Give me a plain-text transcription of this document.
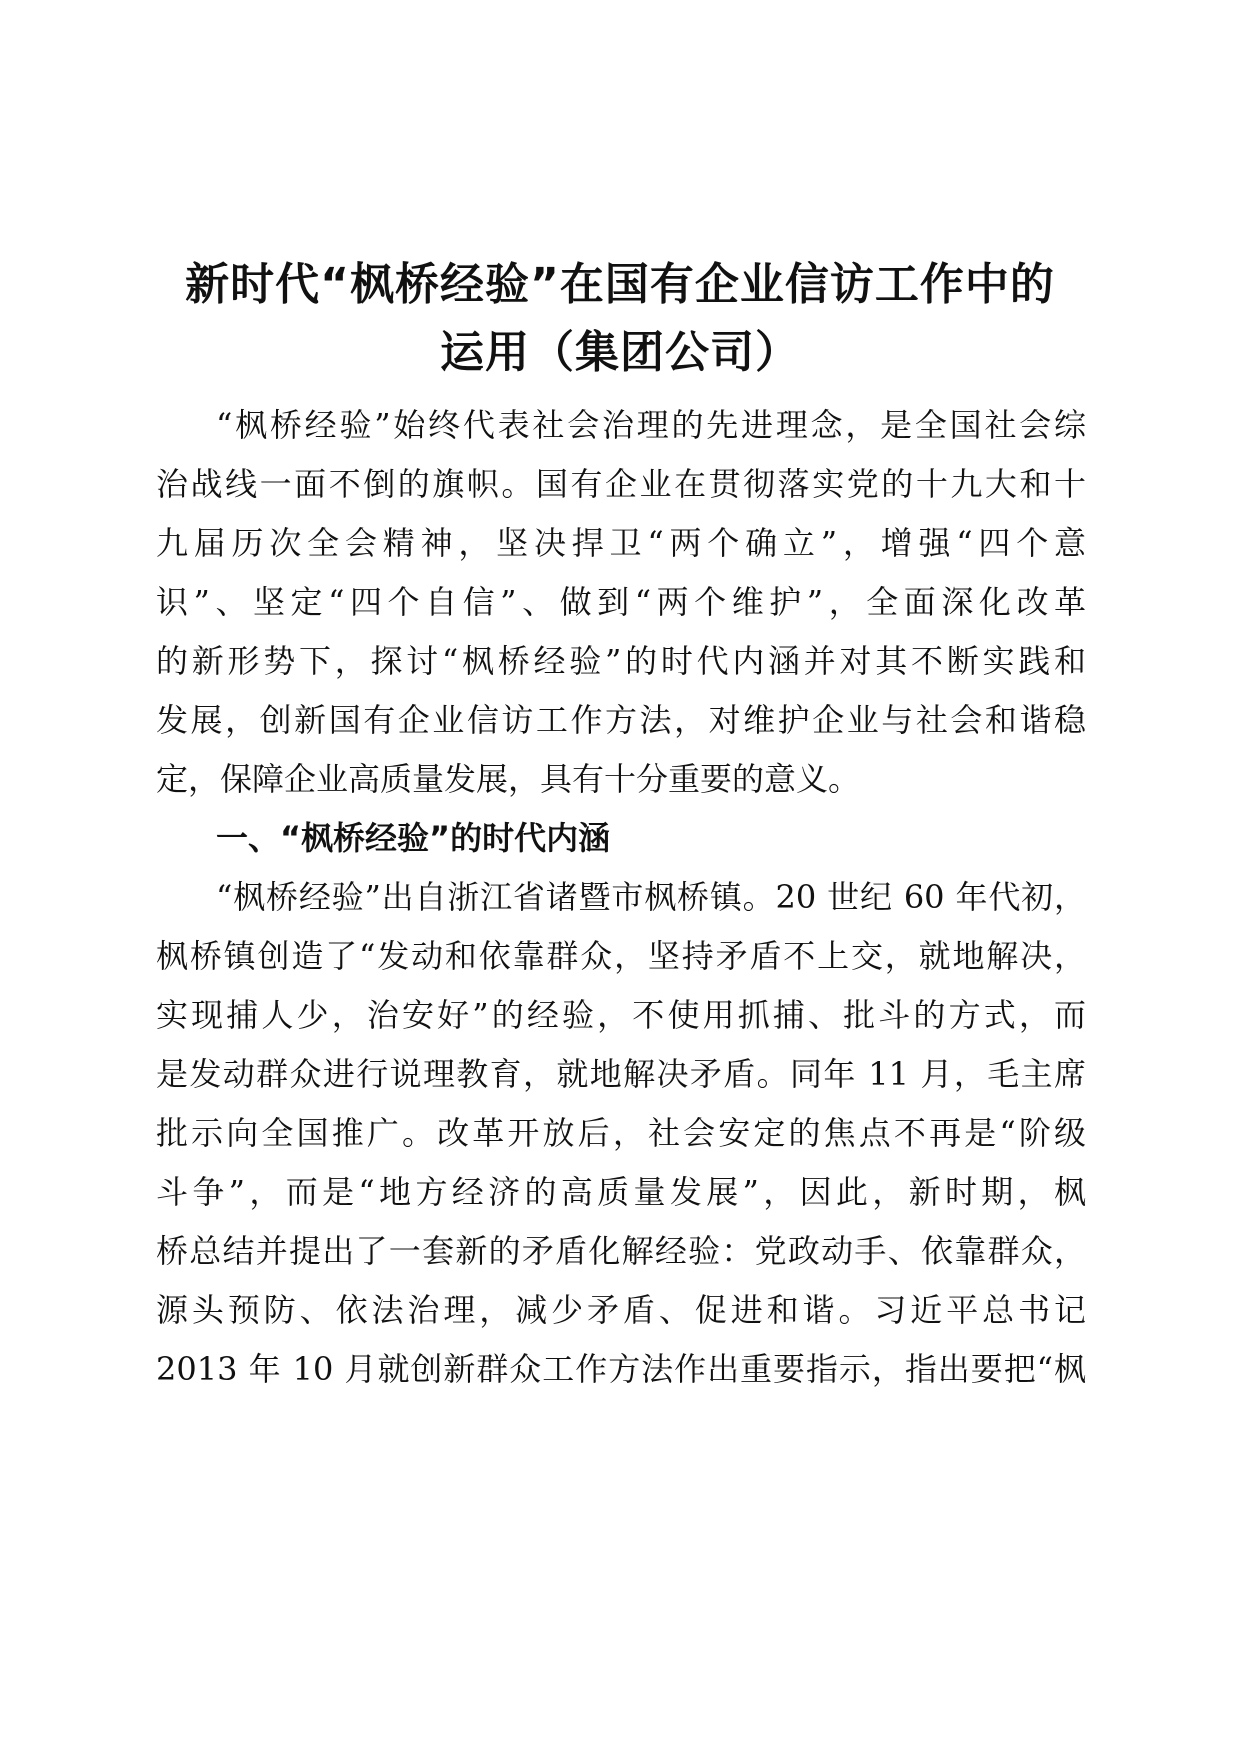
新时代“枫桥经验”在国有企业信访工作中的
运用（集团公司）
“枫桥经验”始终代表社会治理的先进理念，是全国社会综
治战线一面不倒的旗帜。国有企业在贯彻落实党的十九大和十
九届历次全会精神，坚决捍卫“两个确立”，增强“四个意
识”、坚定“四个自信”、做到“两个维护”，全面深化改革
的新形势下，探讨“枫桥经验”的时代内涵并对其不断实践和
发展，创新国有企业信访工作方法，对维护企业与社会和谐稳
定，保障企业高质量发展，具有十分重要的意义。
一、“枫桥经验”的时代内涵
“枫桥经验”出自浙江省诸暨市枫桥镇。20 世纪 60 年代初，
枫桥镇创造了“发动和依靠群众，坚持矛盾不上交，就地解决，
实现捕人少，治安好”的经验，不使用抓捕、批斗的方式，而
是发动群众进行说理教育，就地解决矛盾。同年 11 月，毛主席
批示向全国推广。改革开放后，社会安定的焦点不再是“阶级
斗争”，而是“地方经济的高质量发展”，因此，新时期，枫
桥总结并提出了一套新的矛盾化解经验：党政动手、依靠群众，
源头预防、依法治理，减少矛盾、促进和谐。习近平总书记
2013 年 10 月就创新群众工作方法作出重要指示，指出要把“枫
